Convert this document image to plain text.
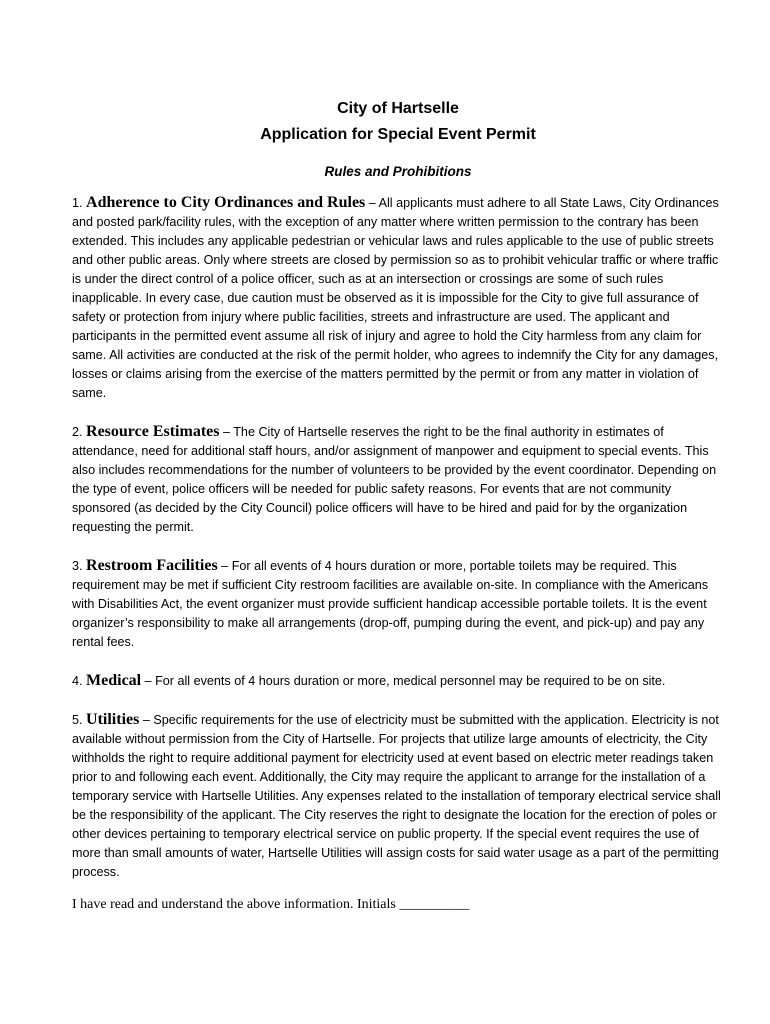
City of Hartselle
Application for Special Event Permit
Rules and Prohibitions

1. Adherence to City Ordinances and Rules – All applicants must adhere to all State Laws, City Ordinances and posted park/facility rules, with the exception of any matter where written permission to the contrary has been extended. This includes any applicable pedestrian or vehicular laws and rules applicable to the use of public streets and other public areas. Only where streets are closed by permission so as to prohibit vehicular traffic or where traffic is under the direct control of a police officer, such as at an intersection or crossings are some of such rules inapplicable. In every case, due caution must be observed as it is impossible for the City to give full assurance of safety or protection from injury where public facilities, streets and infrastructure are used. The applicant and participants in the permitted event assume all risk of injury and agree to hold the City harmless from any claim for same. All activities are conducted at the risk of the permit holder, who agrees to indemnify the City for any damages, losses or claims arising from the exercise of the matters permitted by the permit or from any matter in violation of same.

2. Resource Estimates – The City of Hartselle reserves the right to be the final authority in estimates of attendance, need for additional staff hours, and/or assignment of manpower and equipment to special events. This also includes recommendations for the number of volunteers to be provided by the event coordinator. Depending on the type of event, police officers will be needed for public safety reasons. For events that are not community sponsored (as decided by the City Council) police officers will have to be hired and paid for by the organization requesting the permit.

3. Restroom Facilities – For all events of 4 hours duration or more, portable toilets may be required. This requirement may be met if sufficient City restroom facilities are available on-site. In compliance with the Americans with Disabilities Act, the event organizer must provide sufficient handicap accessible portable toilets. It is the event organizer’s responsibility to make all arrangements (drop-off, pumping during the event, and pick-up) and pay any rental fees.

4. Medical – For all events of 4 hours duration or more, medical personnel may be required to be on site.

5. Utilities – Specific requirements for the use of electricity must be submitted with the application. Electricity is not available without permission from the City of Hartselle. For projects that utilize large amounts of electricity, the City withholds the right to require additional payment for electricity used at event based on electric meter readings taken prior to and following each event. Additionally, the City may require the applicant to arrange for the installation of a temporary service with Hartselle Utilities. Any expenses related to the installation of temporary electrical service shall be the responsibility of the applicant. The City reserves the right to designate the location for the erection of poles or other devices pertaining to temporary electrical service on public property. If the special event requires the use of more than small amounts of water, Hartselle Utilities will assign costs for said water usage as a part of the permitting process.

I have read and understand the above information. Initials __________
